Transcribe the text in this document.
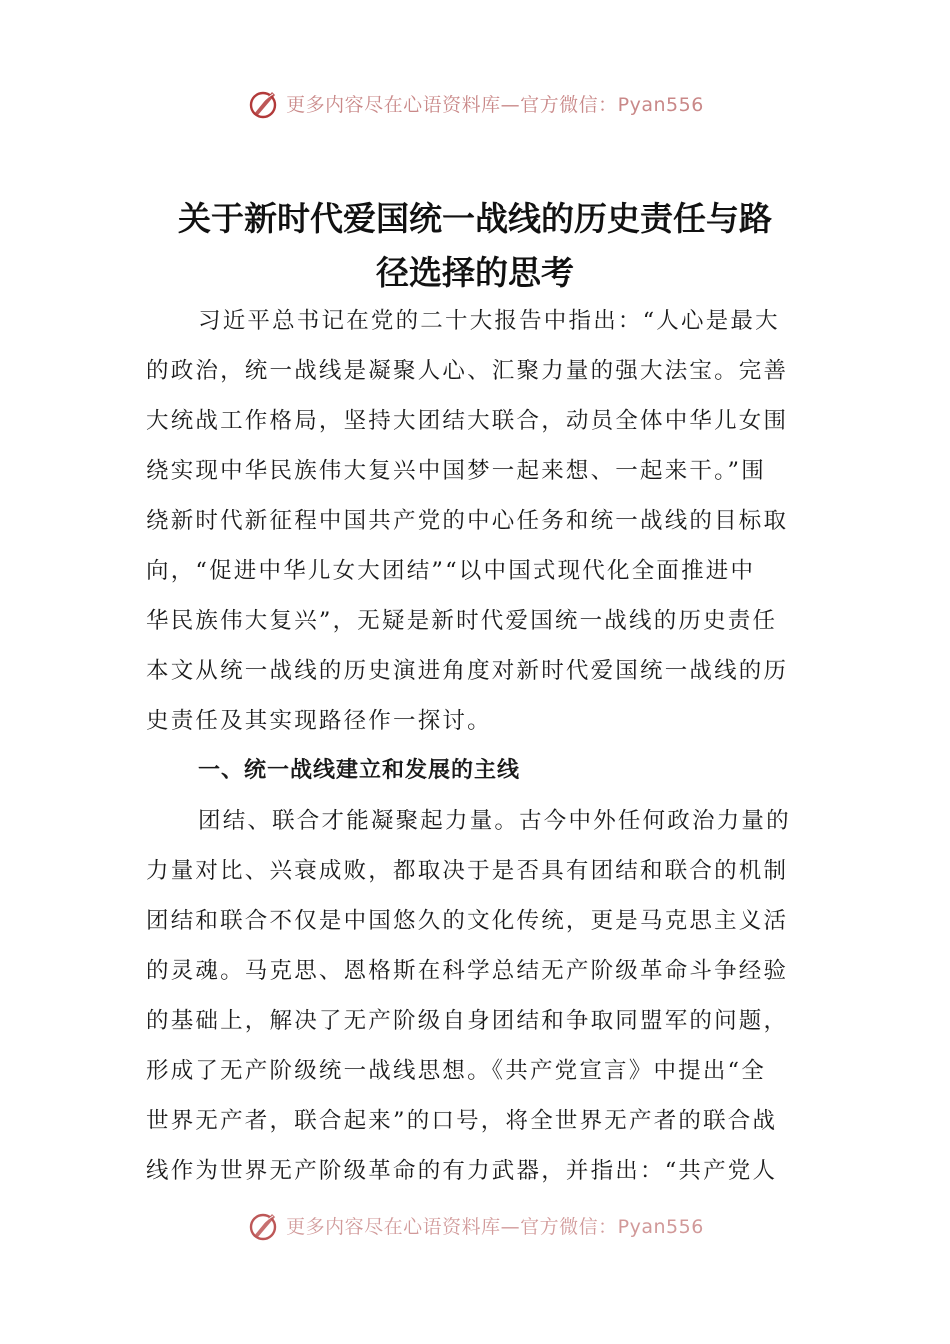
更多内容尽在心语资料库—官方微信：Pyan556
关于新时代爱国统一战线的历史责任与路
径选择的思考
习近平总书记在党的二十大报告中指出：“人心是最大
的政治，统一战线是凝聚人心、汇聚力量的强大法宝。完善
大统战工作格局，坚持大团结大联合，动员全体中华儿女围
绕实现中华民族伟大复兴中国梦一起来想、一起来干。”围
绕新时代新征程中国共产党的中心任务和统一战线的目标取
向，“促进中华儿女大团结”“以中国式现代化全面推进中
华民族伟大复兴”，无疑是新时代爱国统一战线的历史责任
本文从统一战线的历史演进角度对新时代爱国统一战线的历
史责任及其实现路径作一探讨。
一、统一战线建立和发展的主线
团结、联合才能凝聚起力量。古今中外任何政治力量的
力量对比、兴衰成败，都取决于是否具有团结和联合的机制
团结和联合不仅是中国悠久的文化传统，更是马克思主义活
的灵魂。马克思、恩格斯在科学总结无产阶级革命斗争经验
的基础上，解决了无产阶级自身团结和争取同盟军的问题，
形成了无产阶级统一战线思想。《共产党宣言》中提出“全
世界无产者，联合起来”的口号，将全世界无产者的联合战
线作为世界无产阶级革命的有力武器，并指出：“共产党人
更多内容尽在心语资料库—官方微信：Pyan556
